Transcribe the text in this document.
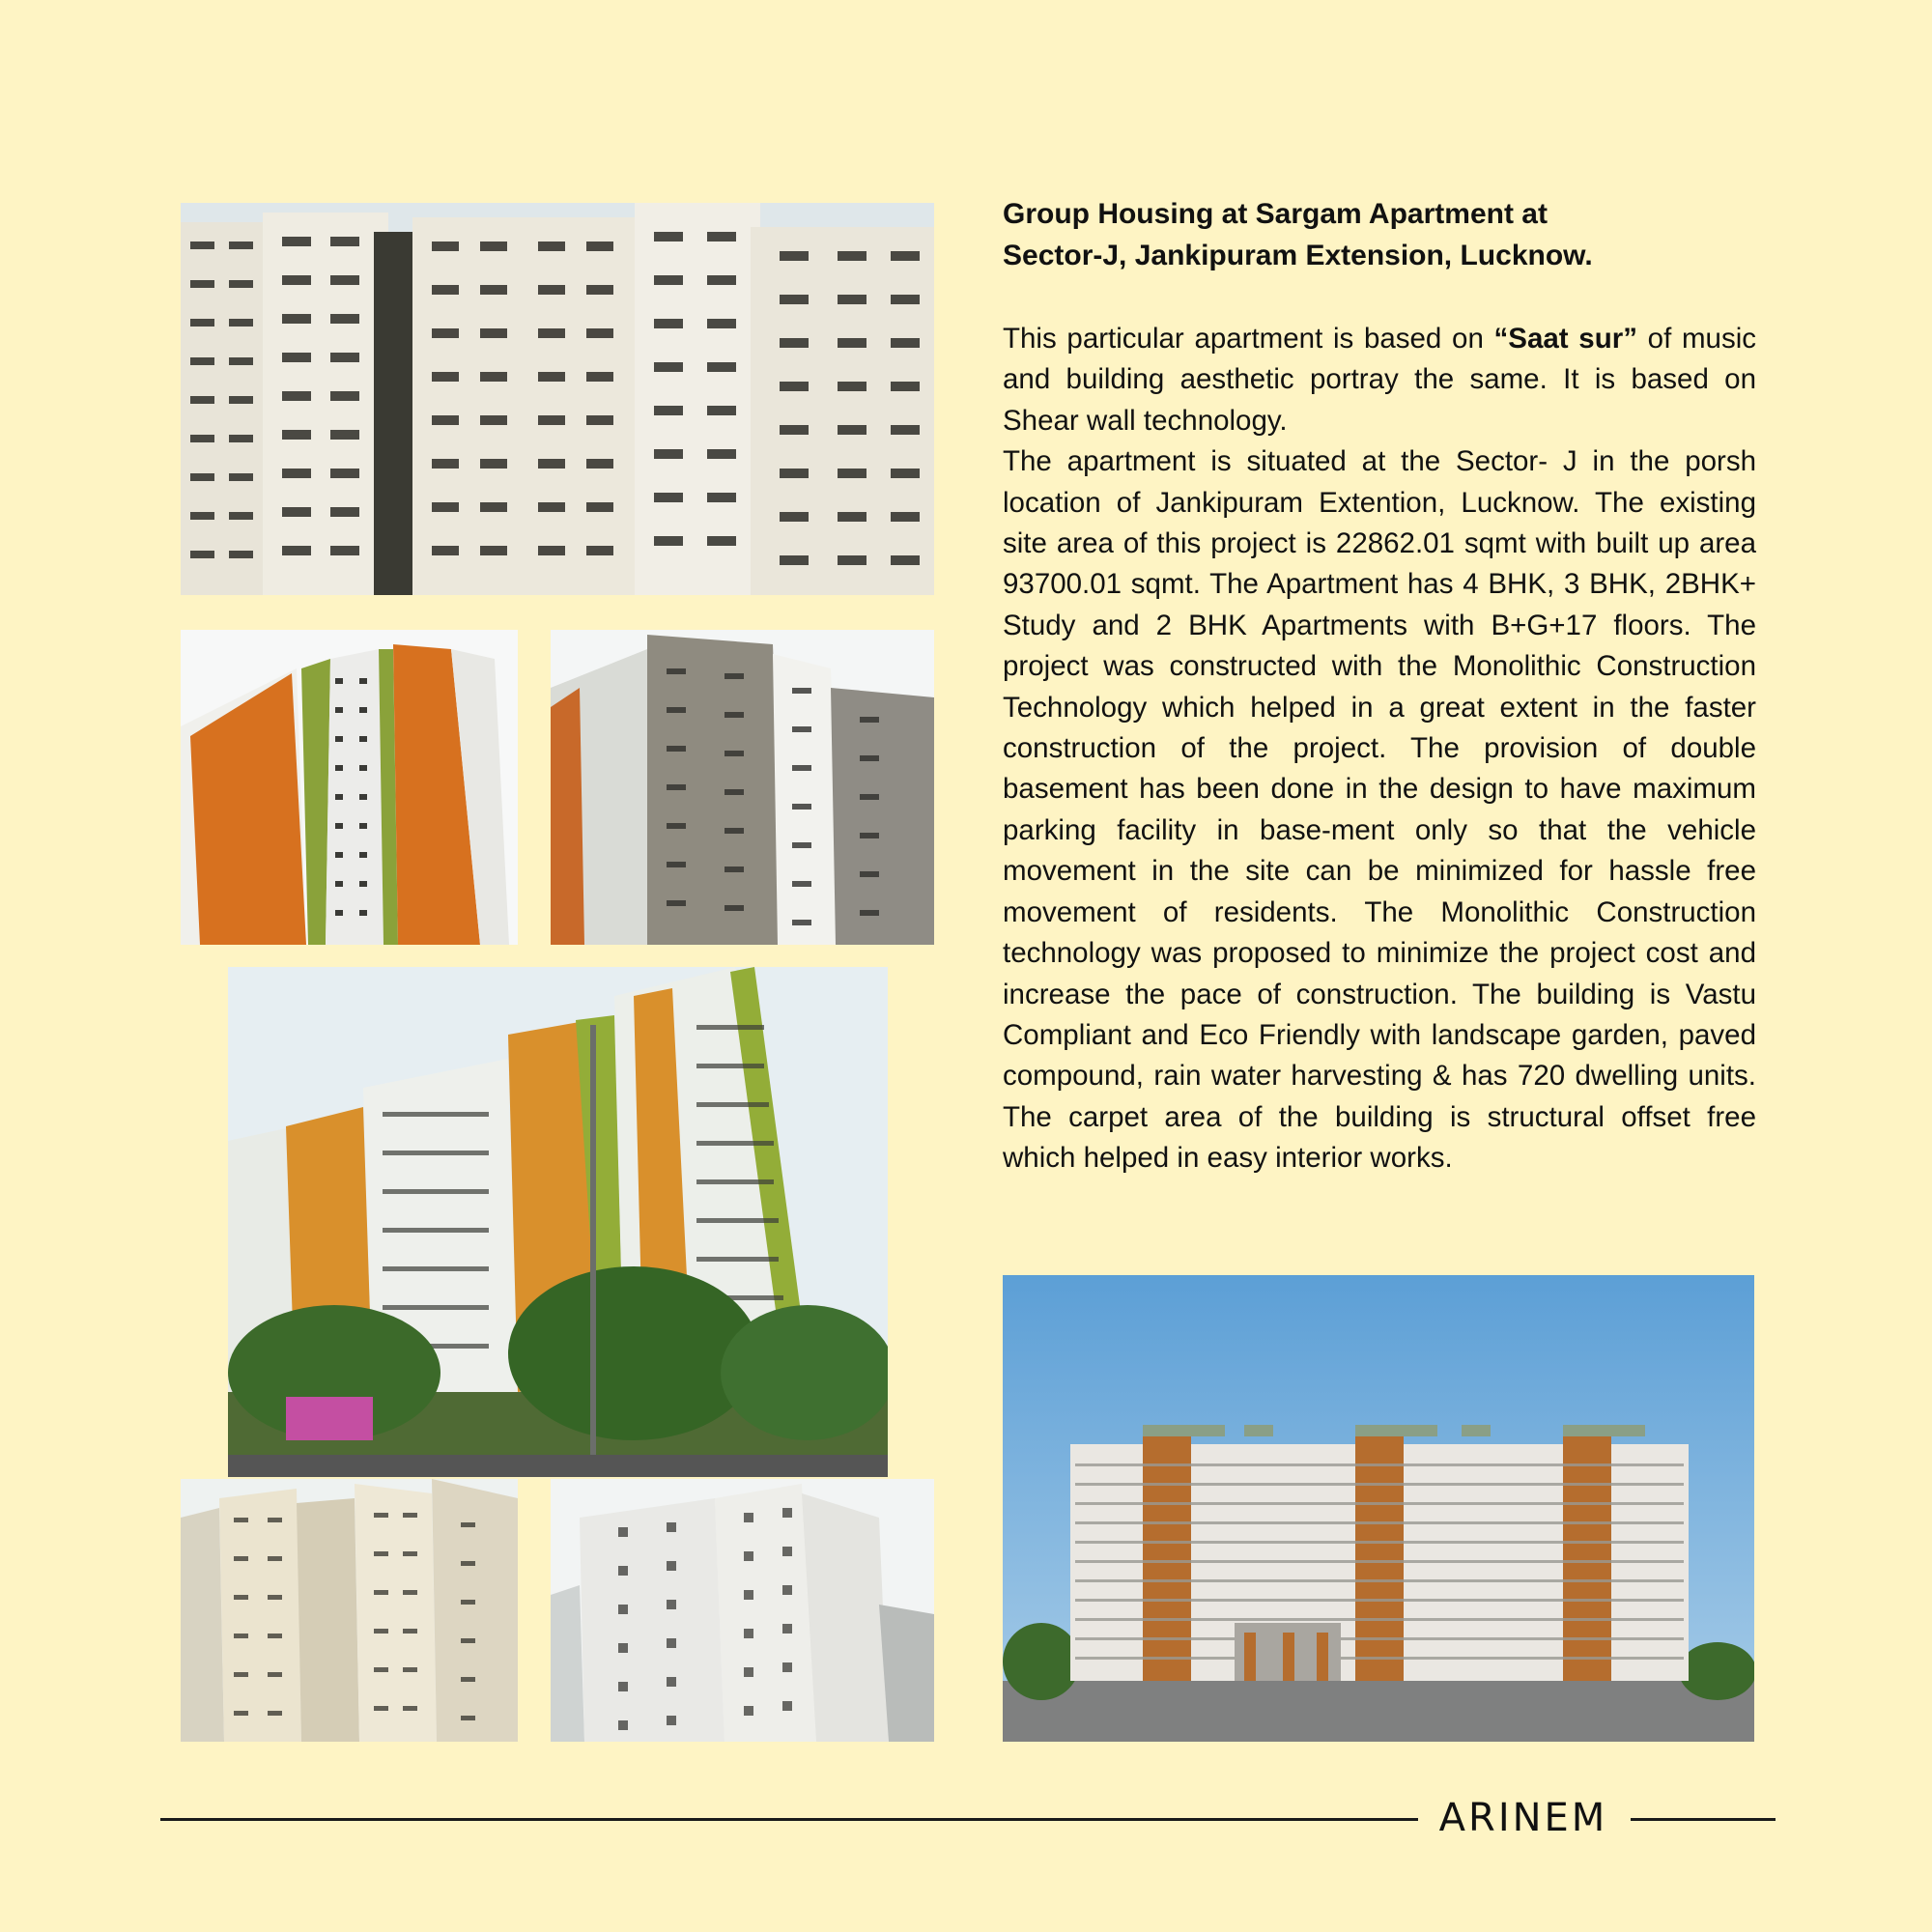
Group Housing at Sargam Apartment at
Sector-J, Jankipuram Extension, Lucknow.

This particular apartment is based on “Saat sur” of music and building aesthetic portray the same. It is based on Shear wall technology.

The apartment is situated at the Sector- J in the porsh location of Jankipuram Extention, Lucknow. The existing site area of this project is 22862.01 sqmt with built up area 93700.01 sqmt. The Apartment has 4 BHK, 3 BHK, 2BHK+ Study and 2 BHK Apartments with B+G+17 floors. The project was constructed with the Monolithic Construction Technology which helped in a great extent in the faster construction of the project. The provision of double basement has been done in the design to have maximum parking facility in base-ment only so that the vehicle movement in the site can be minimized for hassle free movement of residents. The Monolithic Construction technology was proposed to minimize the project cost and increase the pace of construction. The building is Vastu Compliant and Eco Friendly with landscape garden, paved compound, rain water harvesting & has 720 dwelling units. The carpet area of the building is structural offset free which helped in easy interior works.

ARINEM
